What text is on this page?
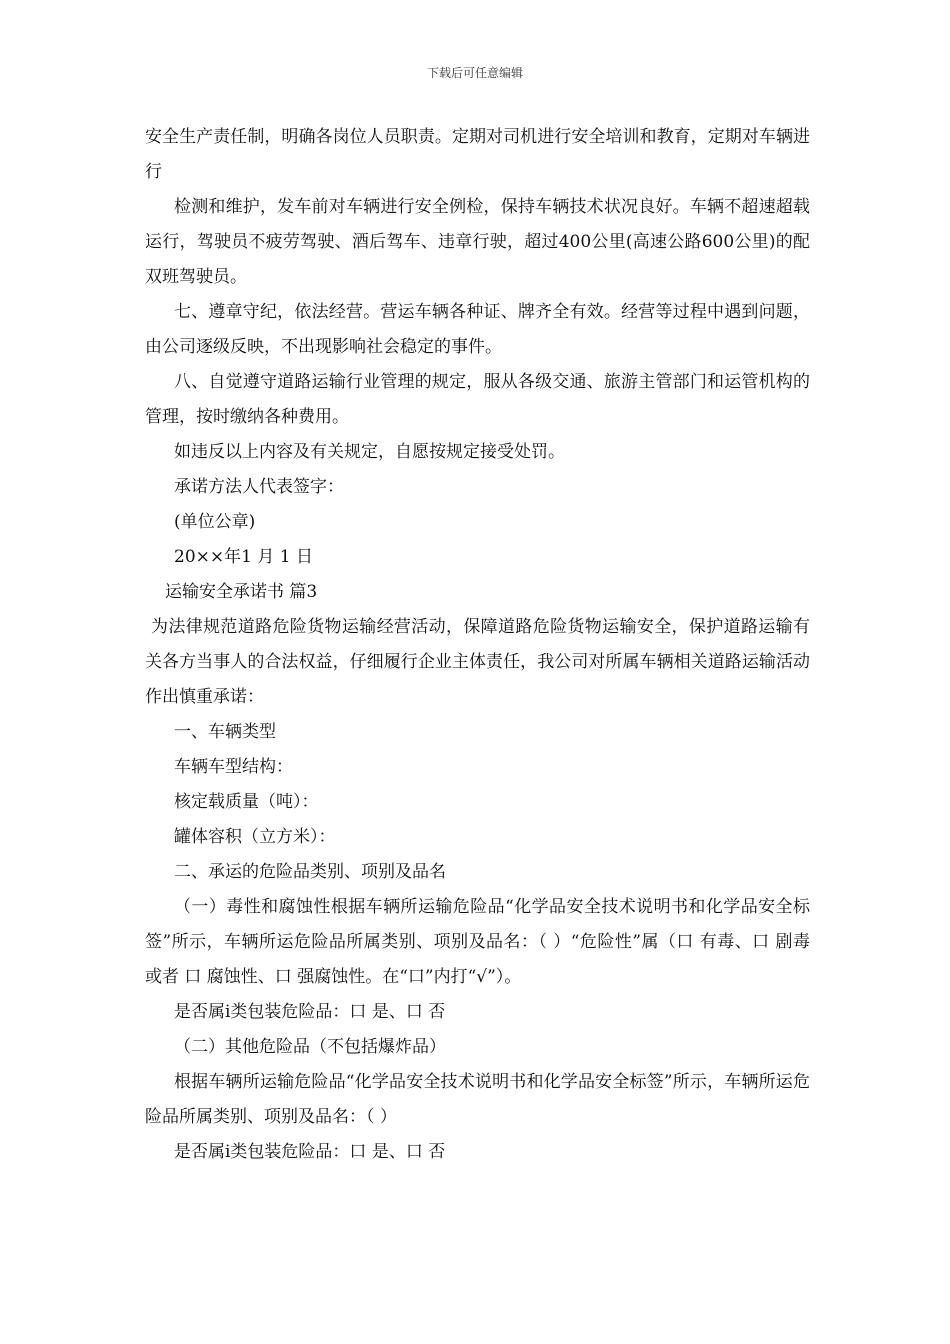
下载后可任意编辑

安全生产责任制，明确各岗位人员职责。定期对司机进行安全培训和教育，定期对车辆进行

检测和维护，发车前对车辆进行安全例检，保持车辆技术状况良好。车辆不超速超载运行，驾驶员不疲劳驾驶、酒后驾车、违章行驶，超过400公里(高速公路600公里)的配双班驾驶员。

七、遵章守纪，依法经营。营运车辆各种证、牌齐全有效。经营等过程中遇到问题，由公司逐级反映，不出现影响社会稳定的事件。

八、自觉遵守道路运输行业管理的规定，服从各级交通、旅游主管部门和运管机构的管理，按时缴纳各种费用。

如违反以上内容及有关规定，自愿按规定接受处罚。

承诺方法人代表签字：

(单位公章)

20××年1 月 1 日

运输安全承诺书 篇3

为法律规范道路危险货物运输经营活动，保障道路危险货物运输安全，保护道路运输有关各方当事人的合法权益，仔细履行企业主体责任，我公司对所属车辆相关道路运输活动作出慎重承诺：

一、车辆类型

车辆车型结构：

核定载质量（吨）：

罐体容积（立方米）：

二、承运的危险品类别、项别及品名

（一）毒性和腐蚀性根据车辆所运输危险品“化学品安全技术说明书和化学品安全标签”所示，车辆所运危险品所属类别、项别及品名：（ ）“危险性”属（口 有毒、口 剧毒 或者 口 腐蚀性、口 强腐蚀性。在“口”内打“√”）。

是否属ⅰ类包装危险品：口 是、口 否

（二）其他危险品（不包括爆炸品）

根据车辆所运输危险品“化学品安全技术说明书和化学品安全标签”所示，车辆所运危险品所属类别、项别及品名：（ ）

是否属ⅰ类包装危险品：口 是、口 否
